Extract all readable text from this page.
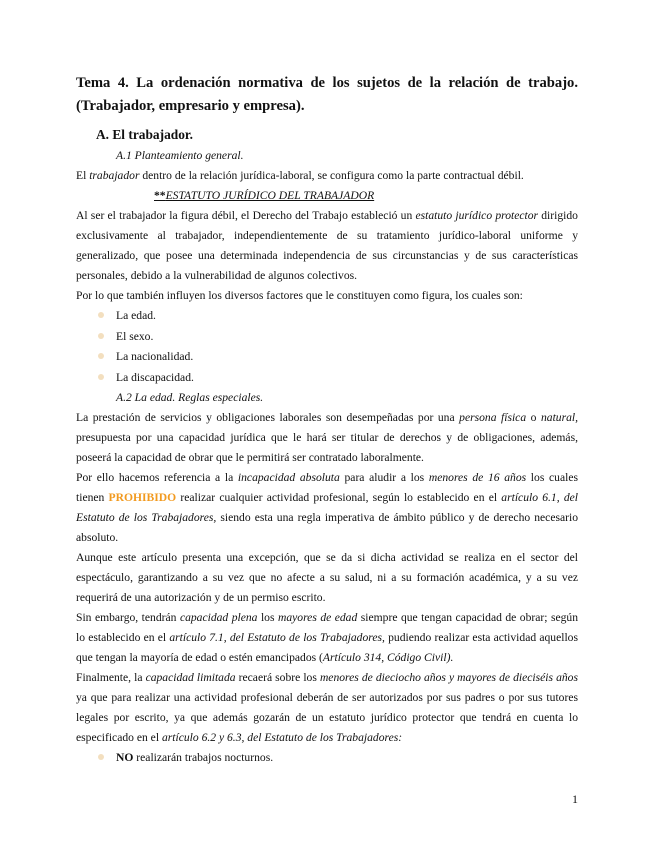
Tema 4. La ordenación normativa de los sujetos de la relación de trabajo. (Trabajador, empresario y empresa).

A. El trabajador.

A.1 Planteamiento general.

El trabajador dentro de la relación jurídica-laboral, se configura como la parte contractual débil.

**ESTATUTO JURÍDICO DEL TRABAJADOR

Al ser el trabajador la figura débil, el Derecho del Trabajo estableció un estatuto jurídico protector dirigido exclusivamente al trabajador, independientemente de su tratamiento jurídico-laboral uniforme y generalizado, que posee una determinada independencia de sus circunstancias y de sus características personales, debido a la vulnerabilidad de algunos colectivos.

Por lo que también influyen los diversos factores que le constituyen como figura, los cuales son:

La edad.
El sexo.
La nacionalidad.
La discapacidad.

A.2 La edad. Reglas especiales.

La prestación de servicios y obligaciones laborales son desempeñadas por una persona física o natural, presupuesta por una capacidad jurídica que le hará ser titular de derechos y de obligaciones, además, poseerá la capacidad de obrar que le permitirá ser contratado laboralmente.

Por ello hacemos referencia a la incapacidad absoluta para aludir a los menores de 16 años los cuales tienen PROHIBIDO realizar cualquier actividad profesional, según lo establecido en el artículo 6.1, del Estatuto de los Trabajadores, siendo esta una regla imperativa de ámbito público y de derecho necesario absoluto.

Aunque este artículo presenta una excepción, que se da si dicha actividad se realiza en el sector del espectáculo, garantizando a su vez que no afecte a su salud, ni a su formación académica, y a su vez requerirá de una autorización y de un permiso escrito.

Sin embargo, tendrán capacidad plena los mayores de edad siempre que tengan capacidad de obrar; según lo establecido en el artículo 7.1, del Estatuto de los Trabajadores, pudiendo realizar esta actividad aquellos que tengan la mayoría de edad o estén emancipados (Artículo 314, Código Civil).

Finalmente, la capacidad limitada recaerá sobre los menores de dieciocho años y mayores de dieciséis años ya que para realizar una actividad profesional deberán de ser autorizados por sus padres o por sus tutores legales por escrito, ya que además gozarán de un estatuto jurídico protector que tendrá en cuenta lo especificado en el artículo 6.2 y 6.3, del Estatuto de los Trabajadores:

NO realizarán trabajos nocturnos.
1
